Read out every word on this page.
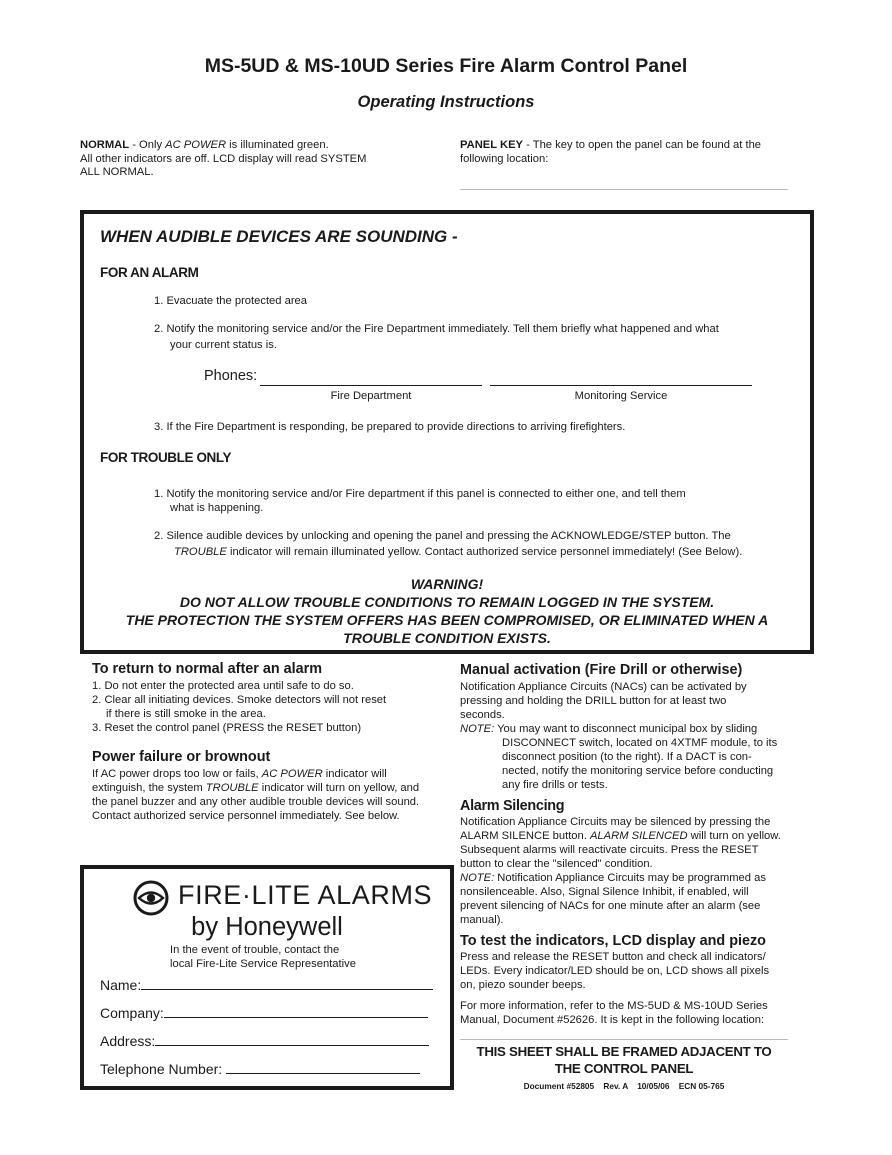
MS-5UD & MS-10UD Series Fire Alarm Control Panel
Operating Instructions
NORMAL - Only AC POWER is illuminated green.
All other indicators are off. LCD display will read SYSTEM
ALL NORMAL.
PANEL KEY - The key to open the panel can be found at the following location:
WHEN AUDIBLE DEVICES ARE SOUNDING -
FOR AN ALARM
1. Evacuate the protected area
2. Notify the monitoring service and/or the Fire Department immediately. Tell them briefly what happened and what
your current status is.
Phones:
Fire Department	Monitoring Service
3. If the Fire Department is responding, be prepared to provide directions to arriving firefighters.
FOR TROUBLE ONLY
1. Notify the monitoring service and/or Fire department if this panel is connected to either one, and tell them
what is happening.
2. Silence audible devices by unlocking and opening the panel and pressing the ACKNOWLEDGE/STEP button. The
TROUBLE indicator will remain illuminated yellow. Contact authorized service personnel immediately! (See Below).
WARNING!
DO NOT ALLOW TROUBLE CONDITIONS TO REMAIN LOGGED IN THE SYSTEM.
THE PROTECTION THE SYSTEM OFFERS HAS BEEN COMPROMISED, OR ELIMINATED WHEN A
TROUBLE CONDITION EXISTS.
To return to normal after an alarm
1. Do not enter the protected area until safe to do so.
2. Clear all initiating devices. Smoke detectors will not reset
if there is still smoke in the area.
3. Reset the control panel (PRESS the RESET button)
Power failure or brownout
If AC power drops too low or fails, AC POWER indicator will
extinguish, the system TROUBLE indicator will turn on yellow, and
the panel buzzer and any other audible trouble devices will sound.
Contact authorized service personnel immediately. See below.
FIRE·LITE ALARMS
by Honeywell
In the event of trouble, contact the
local Fire-Lite Service Representative
Name:
Company:
Address:
Telephone Number:
Manual activation (Fire Drill or otherwise)
Notification Appliance Circuits (NACs) can be activated by
pressing and holding the DRILL button for at least two
seconds.
NOTE: You may want to disconnect municipal box by sliding
DISCONNECT switch, located on 4XTMF module, to its
disconnect position (to the right). If a DACT is con-
nected, notify the monitoring service before conducting
any fire drills or tests.
Alarm Silencing
Notification Appliance Circuits may be silenced by pressing the
ALARM SILENCE button. ALARM SILENCED will turn on yellow.
Subsequent alarms will reactivate circuits. Press the RESET
button to clear the "silenced" condition.
NOTE: Notification Appliance Circuits may be programmed as
nonsilenceable. Also, Signal Silence Inhibit, if enabled, will
prevent silencing of NACs for one minute after an alarm (see
manual).
To test the indicators, LCD display and piezo
Press and release the RESET button and check all indicators/
LEDs. Every indicator/LED should be on, LCD shows all pixels
on, piezo sounder beeps.
For more information, refer to the MS-5UD & MS-10UD Series
Manual, Document #52626. It is kept in the following location:
THIS SHEET SHALL BE FRAMED ADJACENT TO
THE CONTROL PANEL
Document #52805    Rev. A    10/05/06    ECN 05-765
